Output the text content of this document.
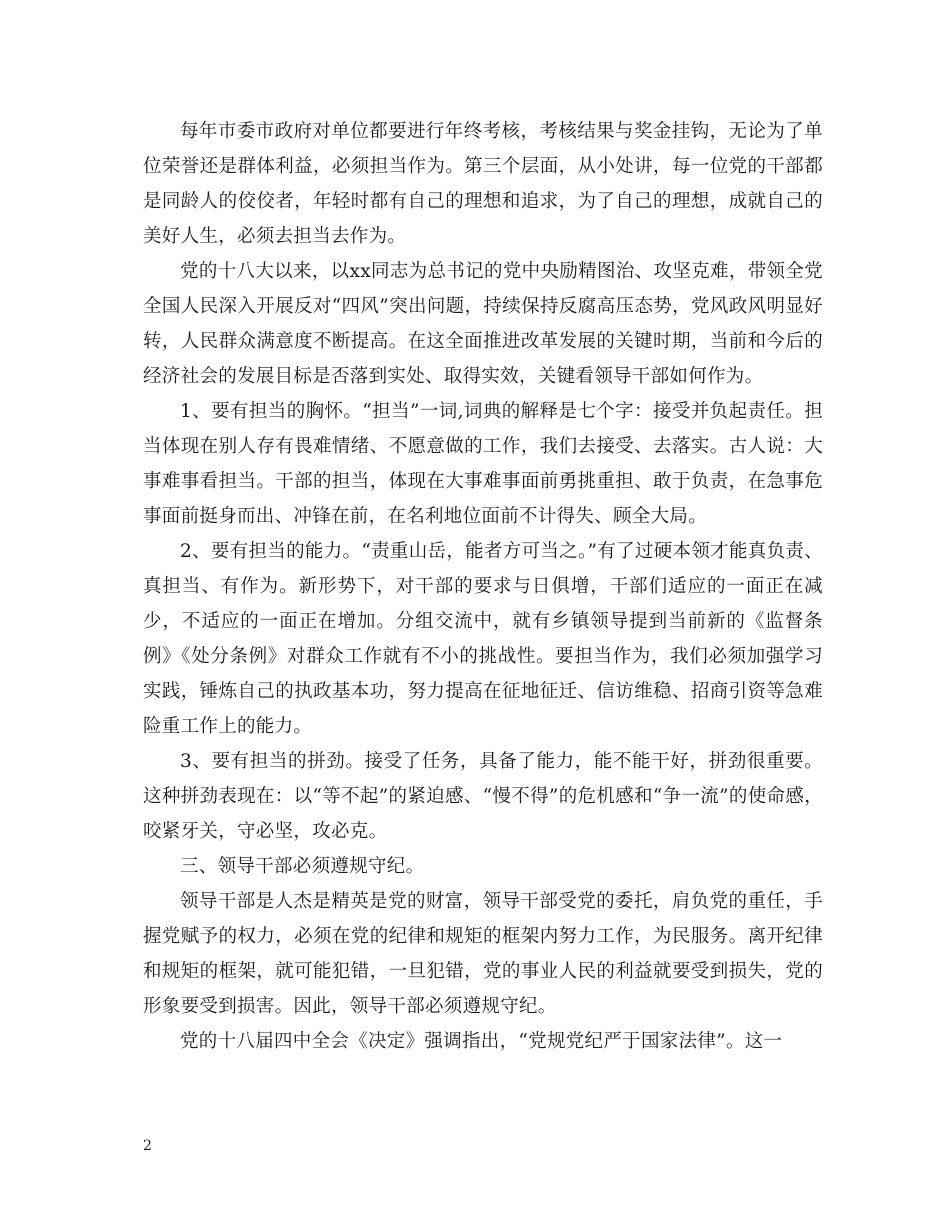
每年市委市政府对单位都要进行年终考核，考核结果与奖金挂钩，无论为了单位荣誉还是群体利益，必须担当作为。第三个层面，从小处讲，每一位党的干部都是同龄人的佼佼者，年轻时都有自己的理想和追求，为了自己的理想，成就自己的美好人生，必须去担当去作为。

党的十八大以来，以xx同志为总书记的党中央励精图治、攻坚克难，带领全党全国人民深入开展反对“四风”突出问题，持续保持反腐高压态势，党风政风明显好转，人民群众满意度不断提高。在这全面推进改革发展的关键时期，当前和今后的经济社会的发展目标是否落到实处、取得实效，关键看领导干部如何作为。

1、要有担当的胸怀。“担当”一词,词典的解释是七个字：接受并负起责任。担当体现在别人存有畏难情绪、不愿意做的工作，我们去接受、去落实。古人说：大事难事看担当。干部的担当，体现在大事难事面前勇挑重担、敢于负责，在急事危事面前挺身而出、冲锋在前，在名利地位面前不计得失、顾全大局。

2、要有担当的能力。“责重山岳，能者方可当之。”有了过硬本领才能真负责、真担当、有作为。新形势下，对干部的要求与日俱增，干部们适应的一面正在减少，不适应的一面正在增加。分组交流中，就有乡镇领导提到当前新的《监督条例》《处分条例》对群众工作就有不小的挑战性。要担当作为，我们必须加强学习实践，锤炼自己的执政基本功，努力提高在征地征迁、信访维稳、招商引资等急难险重工作上的能力。

3、要有担当的拼劲。接受了任务，具备了能力，能不能干好，拼劲很重要。这种拼劲表现在：以“等不起”的紧迫感、“慢不得”的危机感和“争一流”的使命感，咬紧牙关，守必坚，攻必克。

三、领导干部必须遵规守纪。

领导干部是人杰是精英是党的财富，领导干部受党的委托，肩负党的重任，手握党赋予的权力，必须在党的纪律和规矩的框架内努力工作，为民服务。离开纪律和规矩的框架，就可能犯错，一旦犯错，党的事业人民的利益就要受到损失，党的形象要受到损害。因此，领导干部必须遵规守纪。

党的十八届四中全会《决定》强调指出，“党规党纪严于国家法律”。这一

2
